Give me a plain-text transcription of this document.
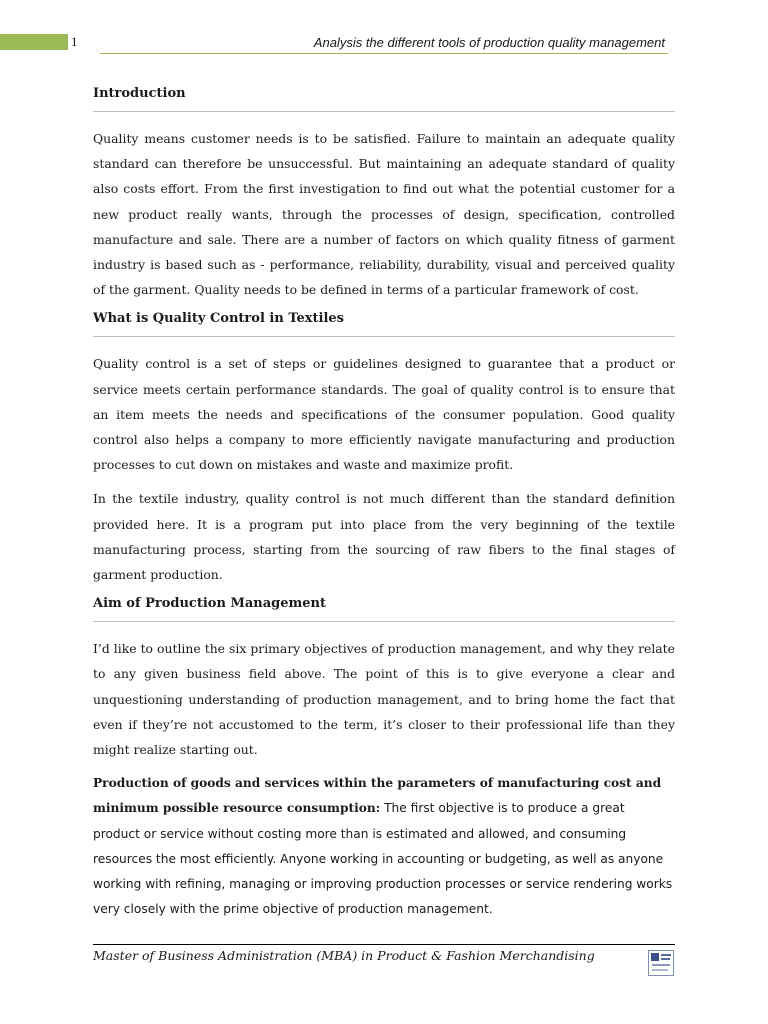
1	Analysis the different tools of production quality management
Introduction

Quality means customer needs is to be satisfied. Failure to maintain an adequate quality standard can therefore be unsuccessful. But maintaining an adequate standard of quality also costs effort. From the first investigation to find out what the potential customer for a new product really wants, through the processes of design, specification, controlled manufacture and sale. There are a number of factors on which quality fitness of garment industry is based such as - performance, reliability, durability, visual and perceived quality of the garment. Quality needs to be defined in terms of a particular framework of cost.

What is Quality Control in Textiles

Quality control is a set of steps or guidelines designed to guarantee that a product or service meets certain performance standards. The goal of quality control is to ensure that an item meets the needs and specifications of the consumer population. Good quality control also helps a company to more efficiently navigate manufacturing and production processes to cut down on mistakes and waste and maximize profit.

In the textile industry, quality control is not much different than the standard definition provided here. It is a program put into place from the very beginning of the textile manufacturing process, starting from the sourcing of raw fibers to the final stages of garment production.

Aim of Production Management

I’d like to outline the six primary objectives of production management, and why they relate to any given business field above. The point of this is to give everyone a clear and unquestioning understanding of production management, and to bring home the fact that even if they’re not accustomed to the term, it’s closer to their professional life than they might realize starting out.

Production of goods and services within the parameters of manufacturing cost and minimum possible resource consumption: The first objective is to produce a great product or service without costing more than is estimated and allowed, and consuming resources the most efficiently. Anyone working in accounting or budgeting, as well as anyone working with refining, managing or improving production processes or service rendering works very closely with the prime objective of production management.

Master of Business Administration (MBA) in Product & Fashion Merchandising
